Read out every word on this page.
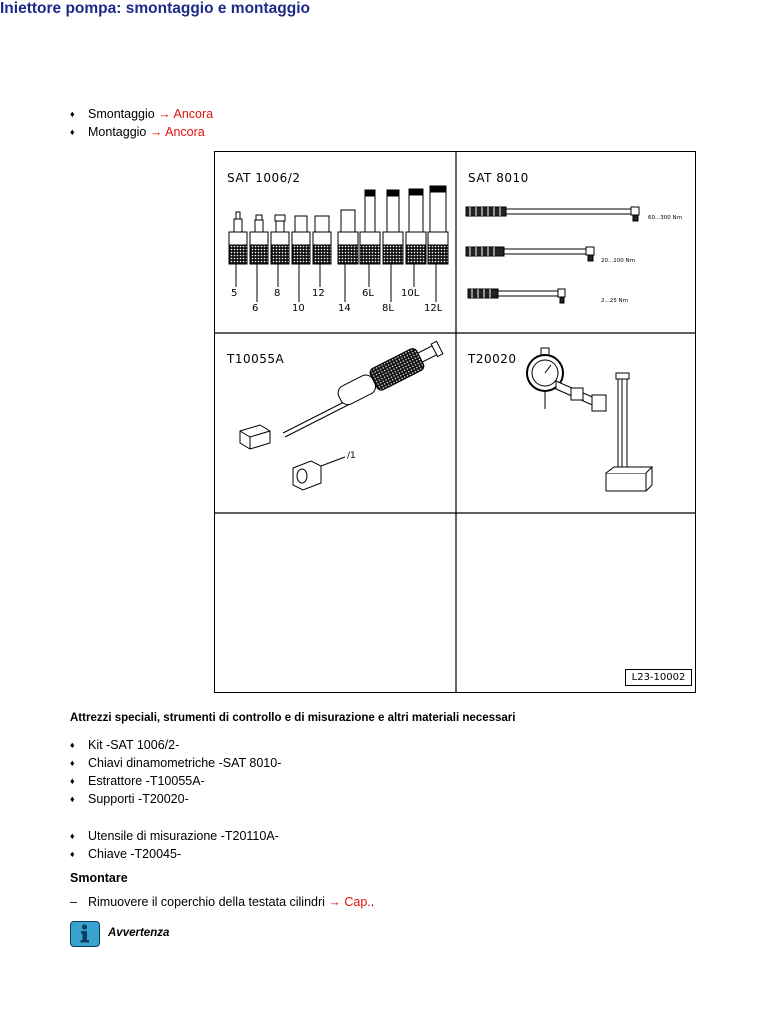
Iniettore pompa: smontaggio e montaggio
♦ Smontaggio → Ancora
♦ Montaggio → Ancora
SAT 1006/2
5	8	12	6L	10L
6	10	14	8L	12L
SAT 8010
60...300 Nm
20...100 Nm
2...25 Nm
T10055A
/1
T20020
L23-10002
Attrezzi speciali, strumenti di controllo e di misurazione e altri materiali necessari
♦ Kit -SAT 1006/2-
♦ Chiavi dinamometriche -SAT 8010-
♦ Estrattore -T10055A-
♦ Supporti -T20020-
♦ Utensile di misurazione -T20110A-
♦ Chiave -T20045-
Smontare
– Rimuovere il coperchio della testata cilindri → Cap..
Avvertenza
